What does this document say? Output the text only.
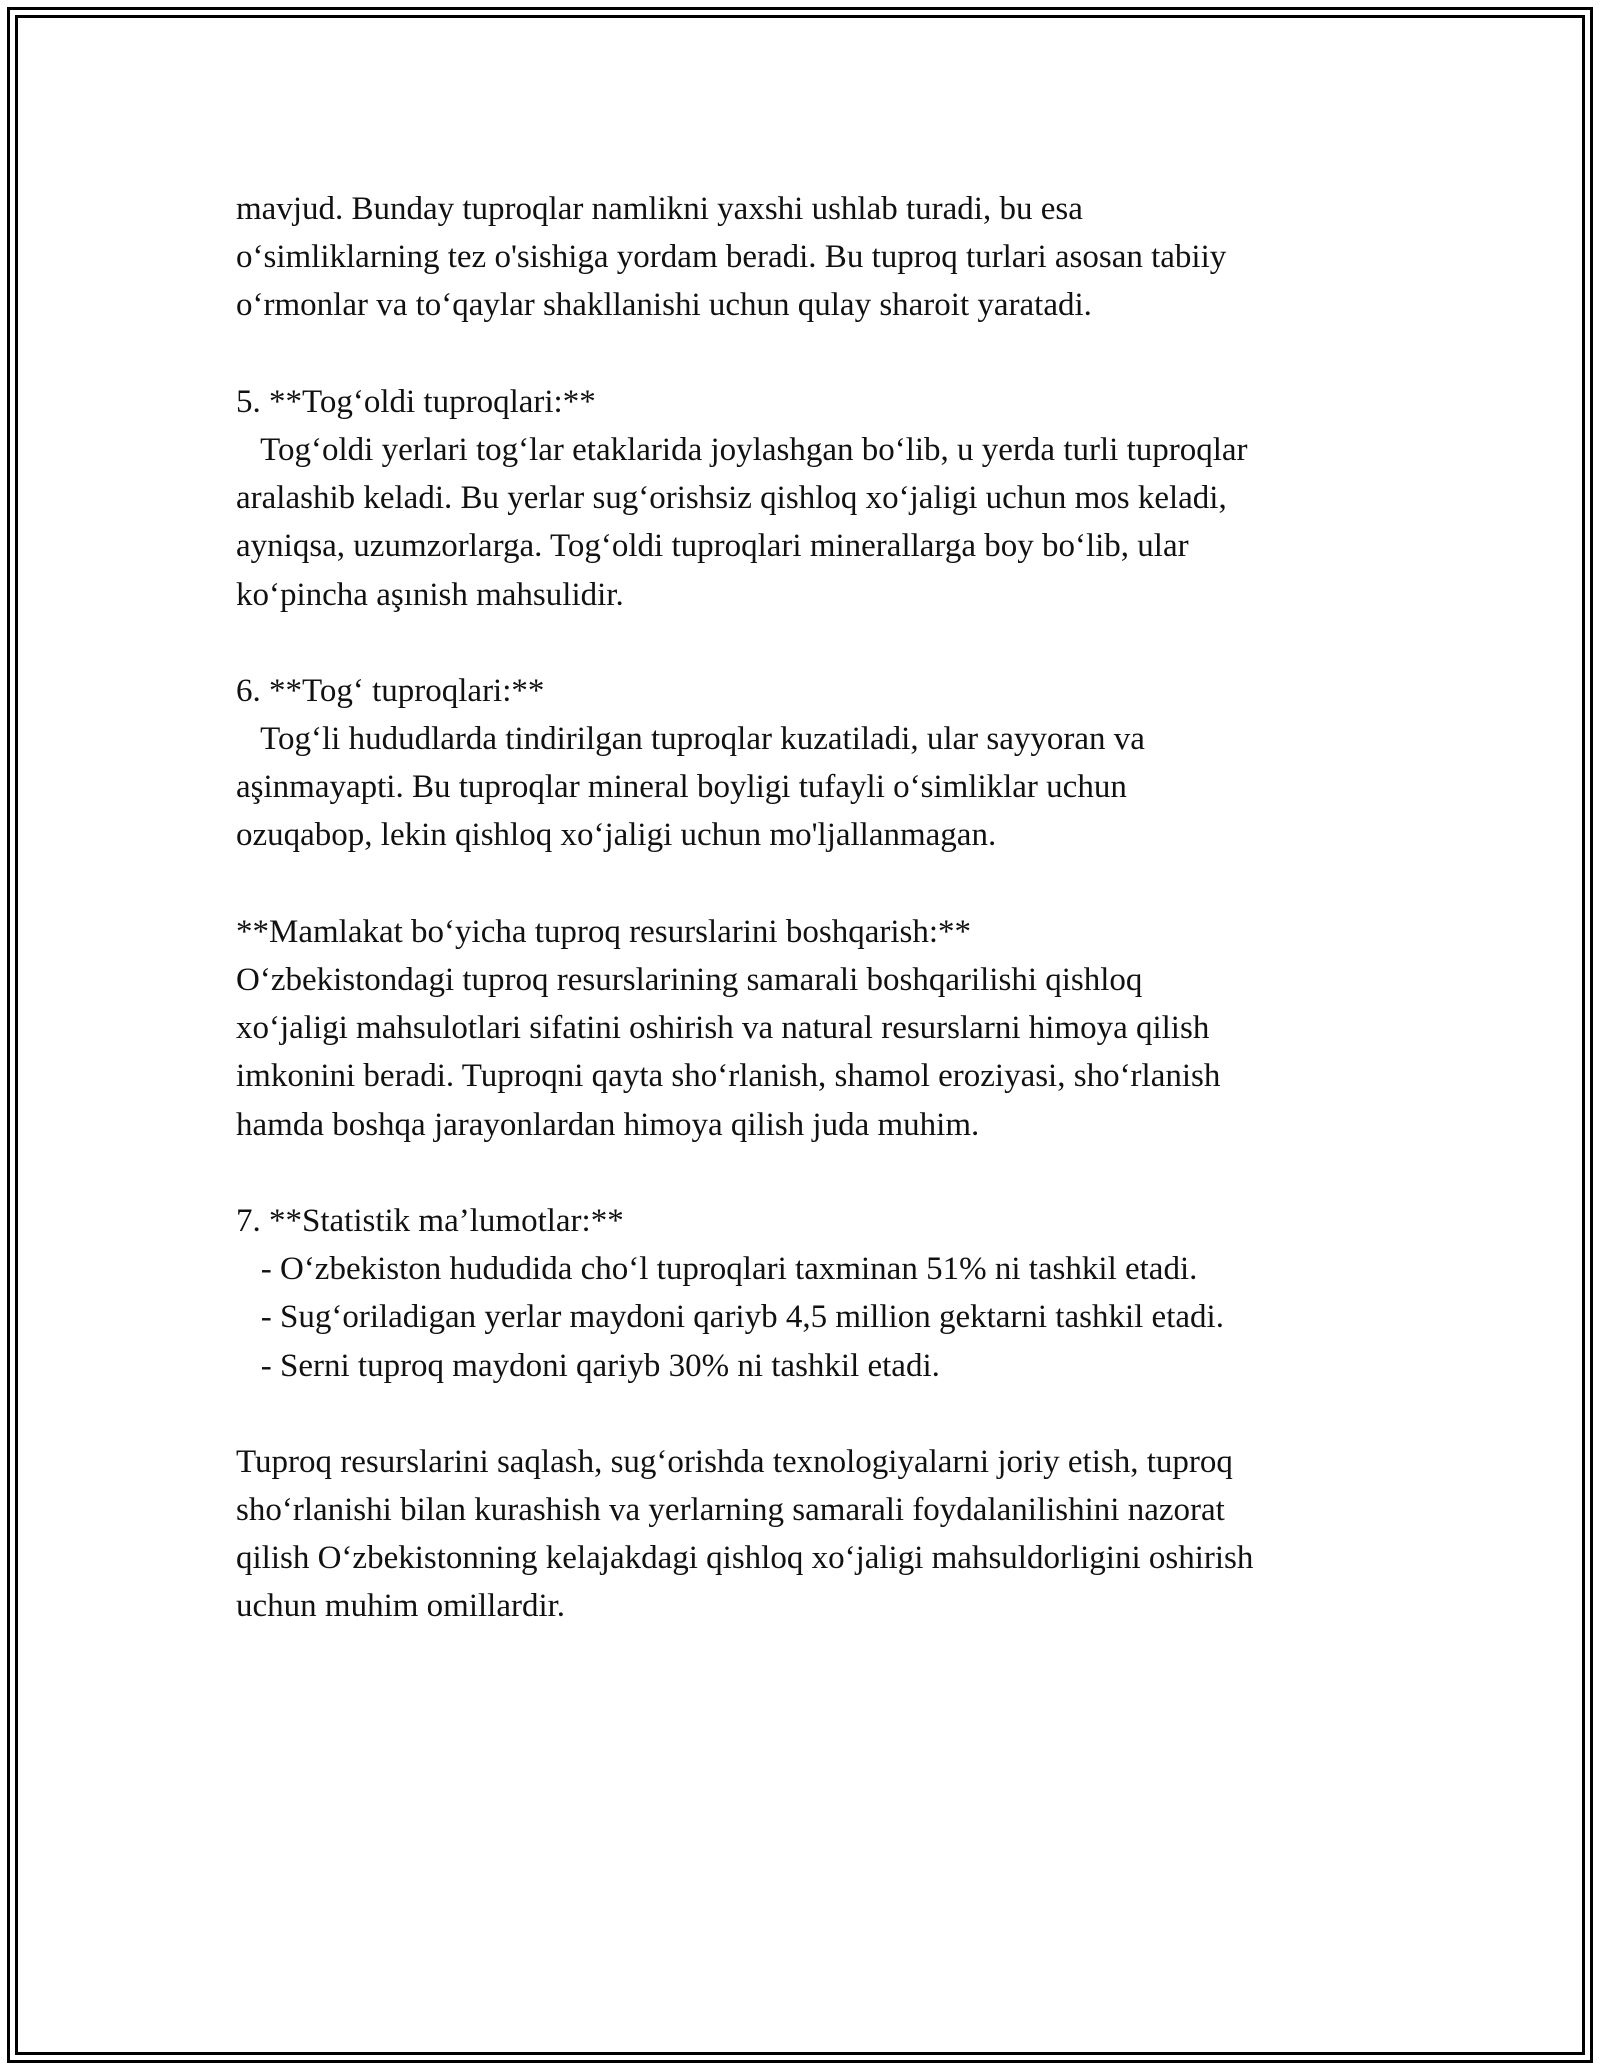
mavjud. Bunday tuproqlar namlikni yaxshi ushlab turadi, bu esa
o‘simliklarning tez o'sishiga yordam beradi. Bu tuproq turlari asosan tabiiy
o‘rmonlar va to‘qaylar shakllanishi uchun qulay sharoit yaratadi.
5. **Tog‘oldi tuproqlari:**
Tog‘oldi yerlari tog‘lar etaklarida joylashgan bo‘lib, u yerda turli tuproqlar
aralashib keladi. Bu yerlar sug‘orishsiz qishloq xo‘jaligi uchun mos keladi,
ayniqsa, uzumzorlarga. Tog‘oldi tuproqlari minerallarga boy bo‘lib, ular
ko‘pincha aşınish mahsulidir.
6. **Tog‘ tuproqlari:**
Tog‘li hududlarda tindirilgan tuproqlar kuzatiladi, ular sayyoran va
aşinmayapti. Bu tuproqlar mineral boyligi tufayli o‘simliklar uchun
ozuqabop, lekin qishloq xo‘jaligi uchun mo'ljallanmagan.
**Mamlakat bo‘yicha tuproq resurslarini boshqarish:**
O‘zbekistondagi tuproq resurslarining samarali boshqarilishi qishloq
xo‘jaligi mahsulotlari sifatini oshirish va natural resurslarni himoya qilish
imkonini beradi. Tuproqni qayta sho‘rlanish, shamol eroziyasi, sho‘rlanish
hamda boshqa jarayonlardan himoya qilish juda muhim.
7. **Statistik ma’lumotlar:**
- O‘zbekiston hududida cho‘l tuproqlari taxminan 51% ni tashkil etadi.
- Sug‘oriladigan yerlar maydoni qariyb 4,5 million gektarni tashkil etadi.
- Serni tuproq maydoni qariyb 30% ni tashkil etadi.
Tuproq resurslarini saqlash, sug‘orishda texnologiyalarni joriy etish, tuproq
sho‘rlanishi bilan kurashish va yerlarning samarali foydalanilishini nazorat
qilish O‘zbekistonning kelajakdagi qishloq xo‘jaligi mahsuldorligini oshirish
uchun muhim omillardir.
